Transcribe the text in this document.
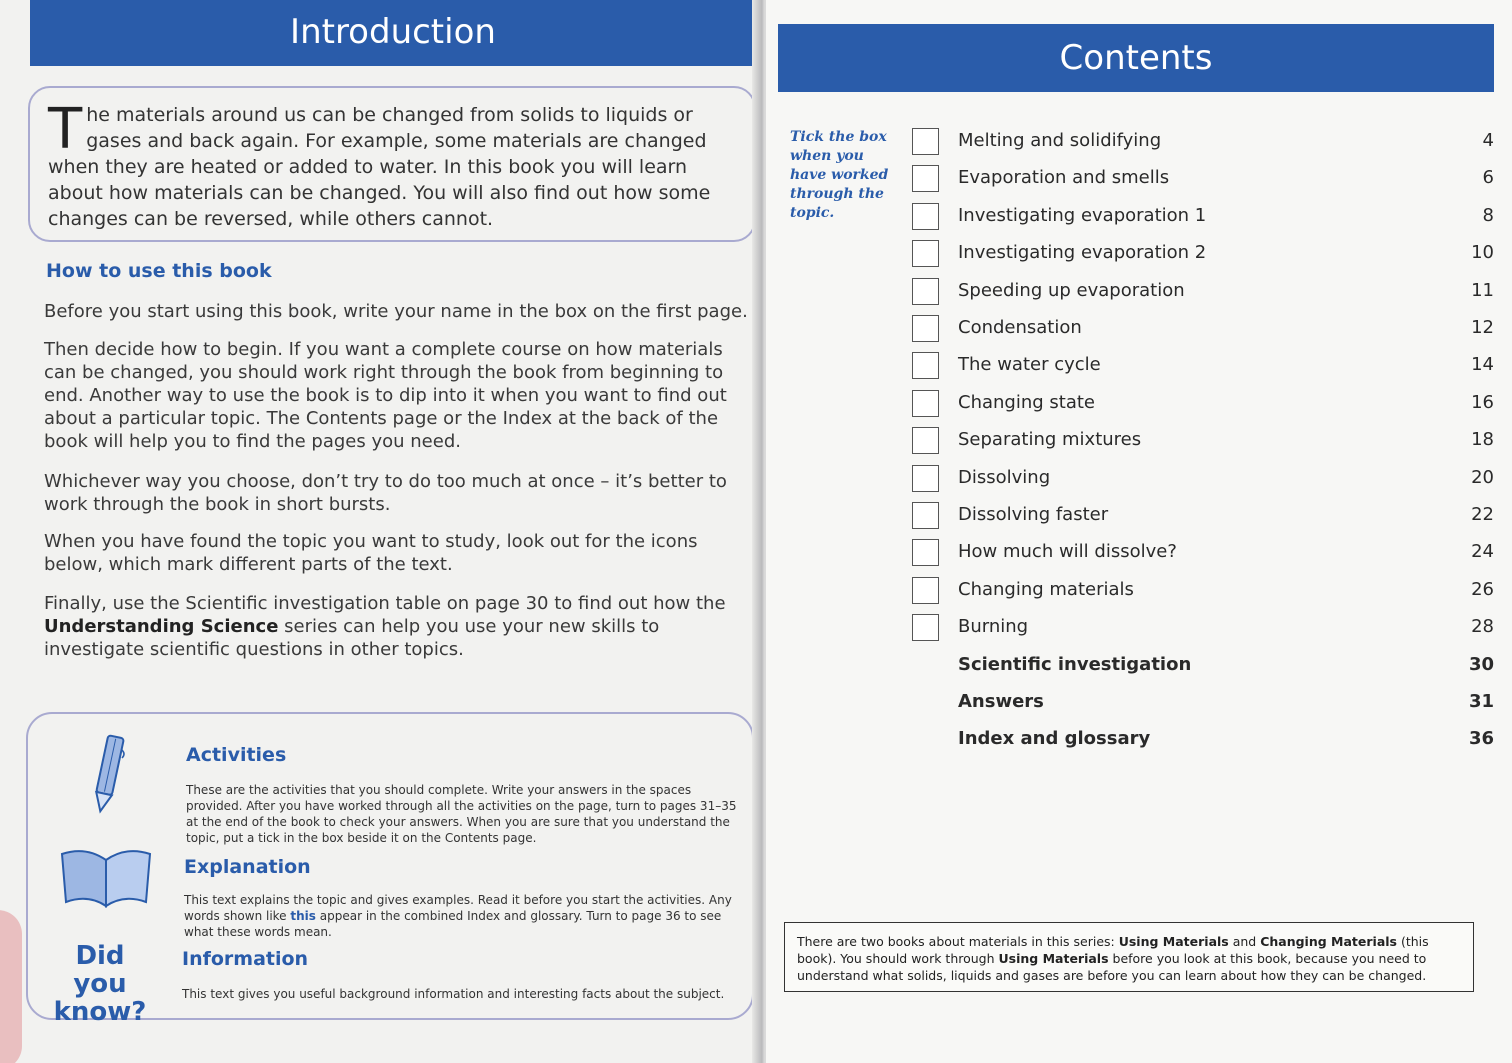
Introduction
T he materials around us can be changed from solids to liquids or gases and back again. For example, some materials are changed when they are heated or added to water. In this book you will learn about how materials can be changed. You will also find out how some changes can be reversed, while others cannot.
How to use this book
Before you start using this book, write your name in the box on the first page.
Then decide how to begin. If you want a complete course on how materials can be changed, you should work right through the book from beginning to end. Another way to use the book is to dip into it when you want to find out about a particular topic. The Contents page or the Index at the back of the book will help you to find the pages you need.
Whichever way you choose, don’t try to do too much at once – it’s better to work through the book in short bursts.
When you have found the topic you want to study, look out for the icons below, which mark different parts of the text.
Finally, use the Scientific investigation table on page 30 to find out how the Understanding Science series can help you use your new skills to investigate scientific questions in other topics.
Activities
These are the activities that you should complete. Write your answers in the spaces provided. After you have worked through all the activities on the page, turn to pages 31–35 at the end of the book to check your answers. When you are sure that you understand the topic, put a tick in the box beside it on the Contents page.
Explanation
This text explains the topic and gives examples. Read it before you start the activities. Any words shown like this appear in the combined Index and glossary. Turn to page 36 to see what these words mean.
Information
This text gives you useful background information and interesting facts about the subject.
Did you
know?
Contents
Tick the box when you have worked through the topic.
Melting and solidifying	4
Evaporation and smells	6
Investigating evaporation 1	8
Investigating evaporation 2	10
Speeding up evaporation	11
Condensation	12
The water cycle	14
Changing state	16
Separating mixtures	18
Dissolving	20
Dissolving faster	22
How much will dissolve?	24
Changing materials	26
Burning	28
Scientific investigation	30
Answers	31
Index and glossary	36
There are two books about materials in this series: Using Materials and Changing Materials (this book). You should work through Using Materials before you look at this book, because you need to understand what solids, liquids and gases are before you can learn about how they can be changed.
